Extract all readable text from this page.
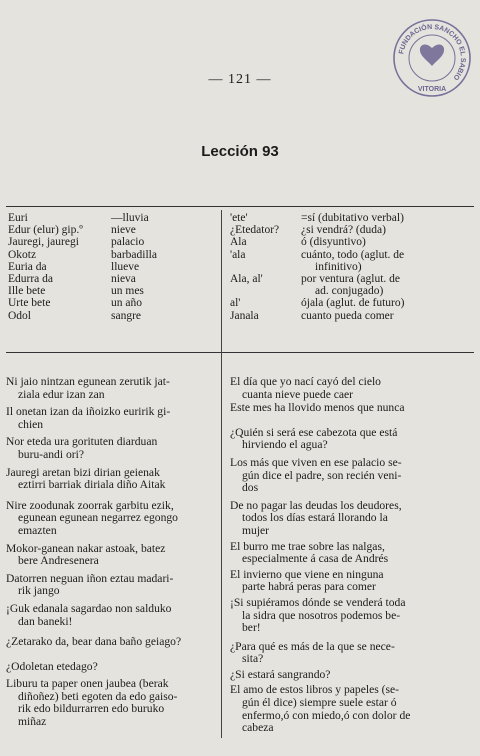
— 121 —
FUNDACIÓN SANCHO EL SABIO
VITORIA
Lección 93
Euri	—lluvia
Edur (elur) gip.º nieve
Jauregi, jauregi	palacio
Okotz	barbadilla
Euria da	llueve
Edurra da	nieva
Ille bete	un mes
Urte bete	un año
Odol	sangre
'ete'	=sí (dubitativo verbal)
¿Etedator? ¿si vendrá? (duda)
Ala	ó (disyuntivo)
'ala	cuánto, todo (aglut. de
infinitivo)
Ala, al'	por ventura (aglut. de
ad. conjugado)
al'	ójala (aglut. de futuro)
Janala	cuanto pueda comer
Ni jaio nintzan egunean zerutik jat-
ziala edur izan zan
Il onetan izan da iñoizko euririk gi-
chien
Nor eteda ura gorituten diarduan
buru-andi ori?
Jauregi aretan bizi dirian geienak
eztirri barriak diriala diño Aitak
Nire zoodunak zoorrak garbitu ezik,
egunean egunean negarrez egongo
emazten
Mokor-ganean nakar astoak, batez
bere Andresenera
Datorren neguan iñon eztau madari-
rik jango
¡Guk edanala sagardao non salduko
dan baneki!
¿Zetarako da, bear dana baño geiago?
¿Odoletan etedago?
Liburu ta paper onen jaubea (berak
diñoñez) beti egoten da edo gaiso-
rik edo bildurrarren edo buruko
miñaz
El día que yo nací cayó del cielo
cuanta nieve puede caer
Este mes ha llovido menos que nunca
¿Quién si será ese cabezota que está
hirviendo el agua?
Los más que viven en ese palacio se-
gún dice el padre, son recién veni-
dos
De no pagar las deudas los deudores,
todos los días estará llorando la
mujer
El burro me trae sobre las nalgas,
especialmente á casa de Andrés
El invierno que viene en ninguna
parte habrá peras para comer
¡Si supiéramos dónde se venderá toda
la sidra que nosotros podemos be-
ber!
¿Para qué es más de la que se nece-
sita?
¿Si estará sangrando?
El amo de estos libros y papeles (se-
gún él dice) siempre suele estar ó
enfermo,ó con miedo,ó con dolor de
cabeza
